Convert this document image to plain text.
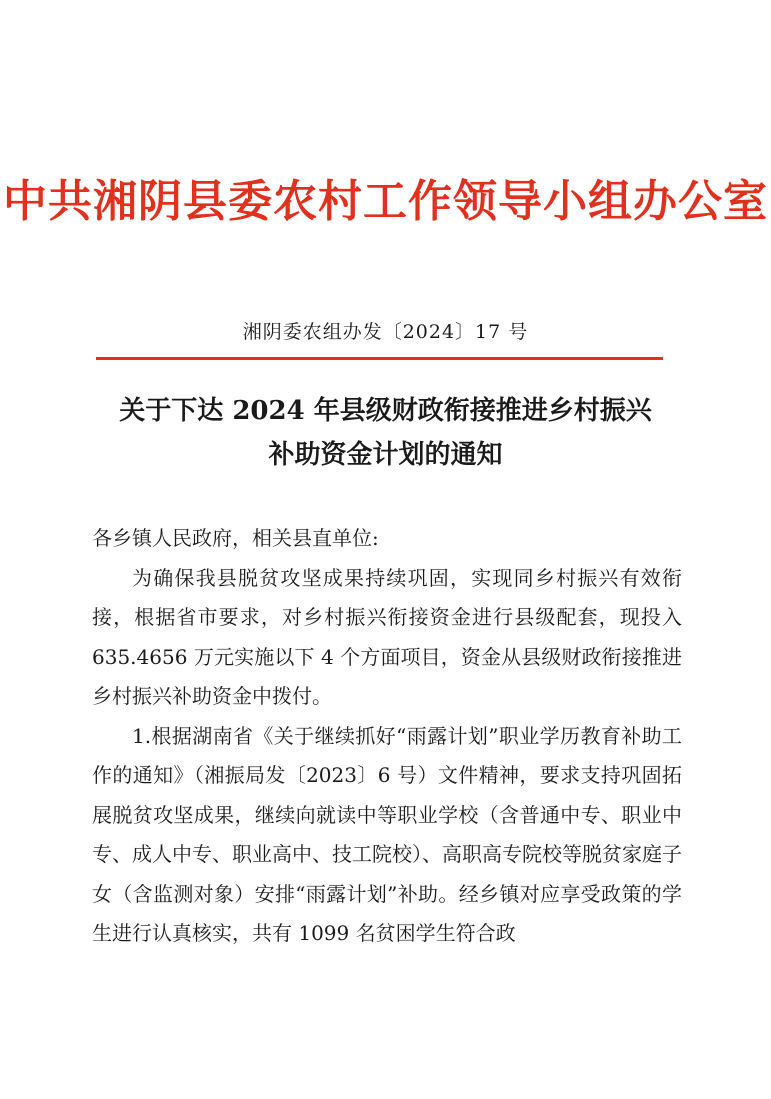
中共湘阴县委农村工作领导小组办公室
湘阴委农组办发〔2024〕17 号
关于下达 2024 年县级财政衔接推进乡村振兴
补助资金计划的通知

各乡镇人民政府，相关县直单位:

为确保我县脱贫攻坚成果持续巩固，实现同乡村振兴有效衔接，根据省市要求，对乡村振兴衔接资金进行县级配套，现投入 635.4656 万元实施以下 4 个方面项目，资金从县级财政衔接推进乡村振兴补助资金中拨付。

1.根据湖南省《关于继续抓好“雨露计划”职业学历教育补助工作的通知》（湘振局发〔2023〕6 号）文件精神，要求支持巩固拓展脱贫攻坚成果，继续向就读中等职业学校（含普通中专、职业中专、成人中专、职业高中、技工院校）、高职高专院校等脱贫家庭子女（含监测对象）安排“雨露计划”补助。经乡镇对应享受政策的学生进行认真核实，共有 1099 名贫困学生符合政
